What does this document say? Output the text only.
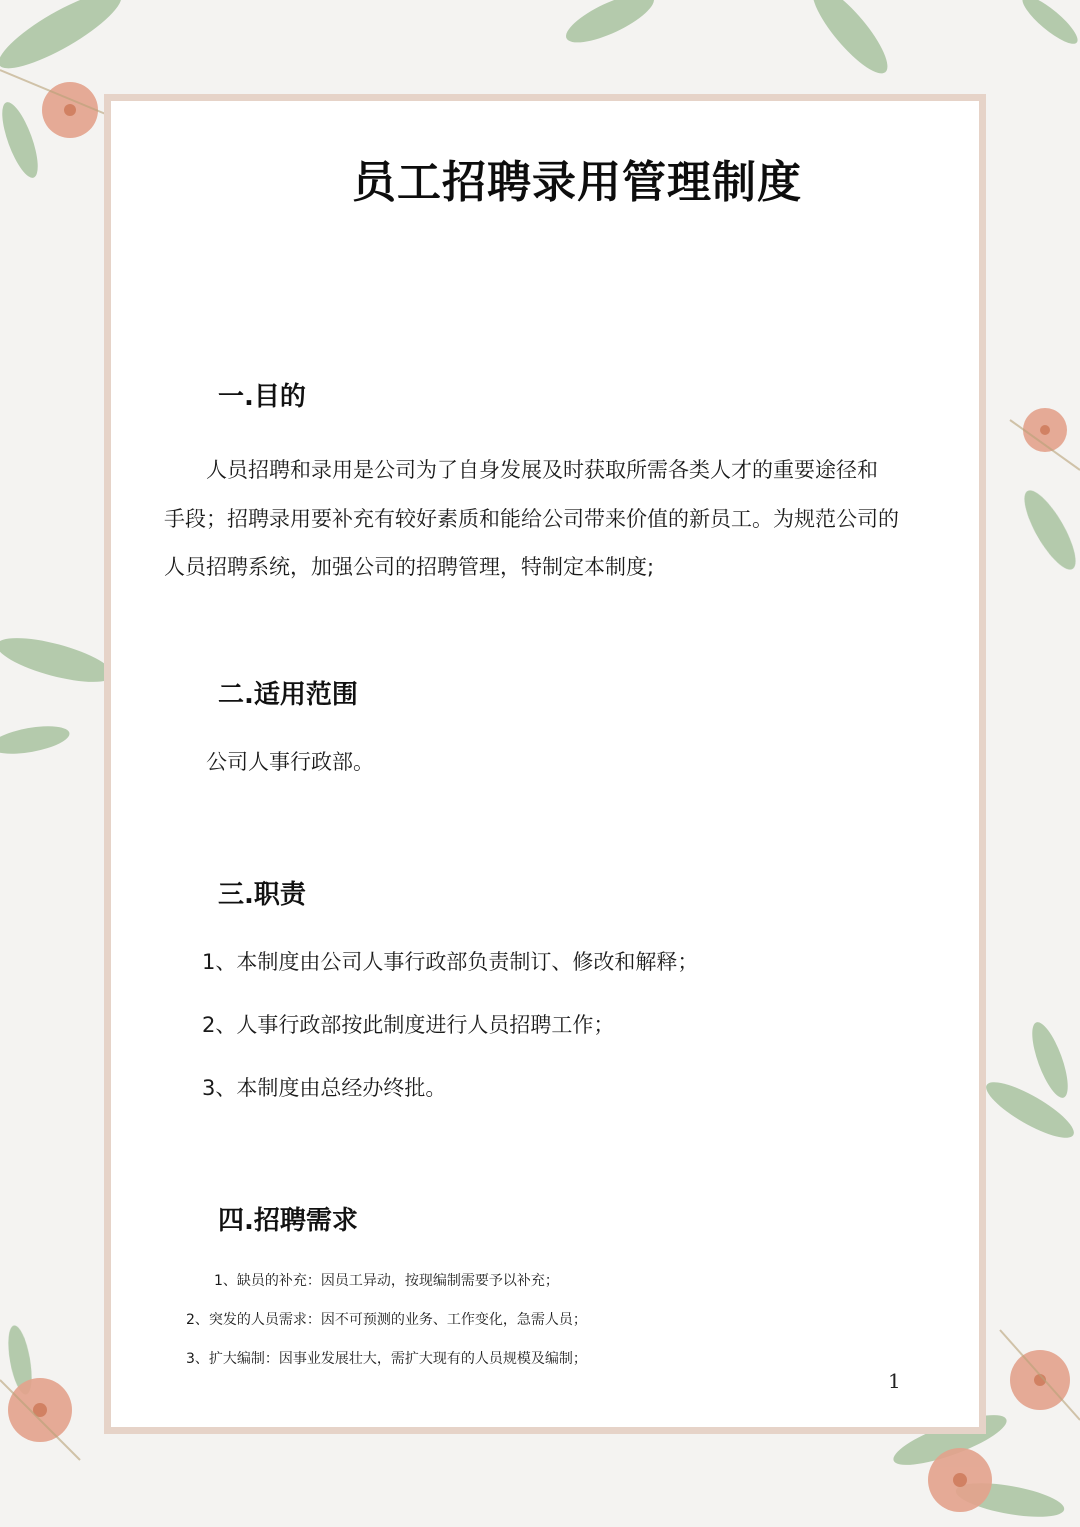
员工招聘录用管理制度
一.目的

人员招聘和录用是公司为了自身发展及时获取所需各类人才的重要途径和

手段；招聘录用要补充有较好素质和能给公司带来价值的新员工。为规范公司的

人员招聘系统，加强公司的招聘管理，特制定本制度;

二.适用范围
公司人事行政部。
三.职责
1、本制度由公司人事行政部负责制订、修改和解释；
2、人事行政部按此制度进行人员招聘工作；
3、本制度由总经办终批。
四.招聘需求
1、缺员的补充：因员工异动，按现编制需要予以补充；
2、突发的人员需求：因不可预测的业务、工作变化，急需人员；
3、扩大编制：因事业发展壮大，需扩大现有的人员规模及编制；
1
